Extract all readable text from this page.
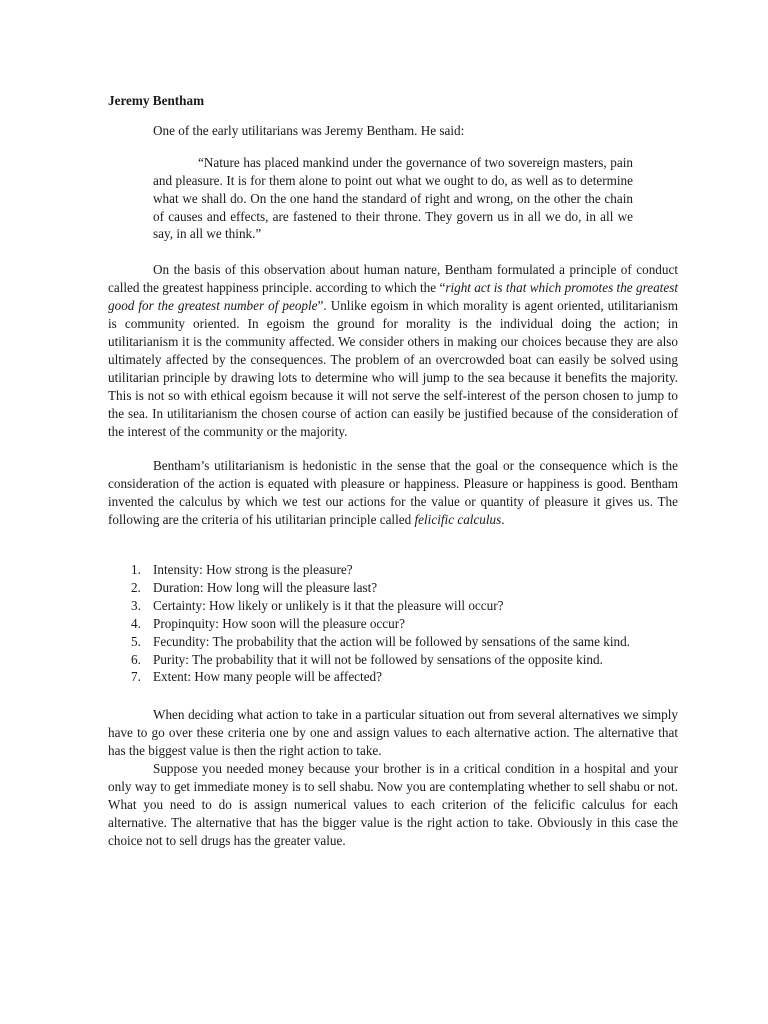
Jeremy Bentham
One of the early utilitarians was Jeremy Bentham. He said:
“Nature has placed mankind under the governance of two sovereign masters, pain and pleasure. It is for them alone to point out what we ought to do, as well as to determine what we shall do. On the one hand the standard of right and wrong, on the other the chain of causes and effects, are fastened to their throne. They govern us in all we do, in all we say, in all we think.”
On the basis of this observation about human nature, Bentham formulated a principle of conduct called the greatest happiness principle. according to which the “right act is that which promotes the greatest good for the greatest number of people”. Unlike egoism in which morality is agent oriented, utilitarianism is community oriented. In egoism the ground for morality is the individual doing the action; in utilitarianism it is the community affected. We consider others in making our choices because they are also ultimately affected by the consequences. The problem of an overcrowded boat can easily be solved using utilitarian principle by drawing lots to determine who will jump to the sea because it benefits the majority. This is not so with ethical egoism because it will not serve the self-interest of the person chosen to jump to the sea. In utilitarianism the chosen course of action can easily be justified because of the consideration of the interest of the community or the majority.
Bentham’s utilitarianism is hedonistic in the sense that the goal or the consequence which is the consideration of the action is equated with pleasure or happiness. Pleasure or happiness is good. Bentham invented the calculus by which we test our actions for the value or quantity of pleasure it gives us. The following are the criteria of his utilitarian principle called felicific calculus.
1. Intensity: How strong is the pleasure?
2. Duration: How long will the pleasure last?
3. Certainty: How likely or unlikely is it that the pleasure will occur?
4. Propinquity: How soon will the pleasure occur?
5. Fecundity: The probability that the action will be followed by sensations of the same kind.
6. Purity: The probability that it will not be followed by sensations of the opposite kind.
7. Extent: How many people will be affected?
When deciding what action to take in a particular situation out from several alternatives we simply have to go over these criteria one by one and assign values to each alternative action. The alternative that has the biggest value is then the right action to take.
Suppose you needed money because your brother is in a critical condition in a hospital and your only way to get immediate money is to sell shabu. Now you are contemplating whether to sell shabu or not. What you need to do is assign numerical values to each criterion of the felicific calculus for each alternative. The alternative that has the bigger value is the right action to take. Obviously in this case the choice not to sell drugs has the greater value.
